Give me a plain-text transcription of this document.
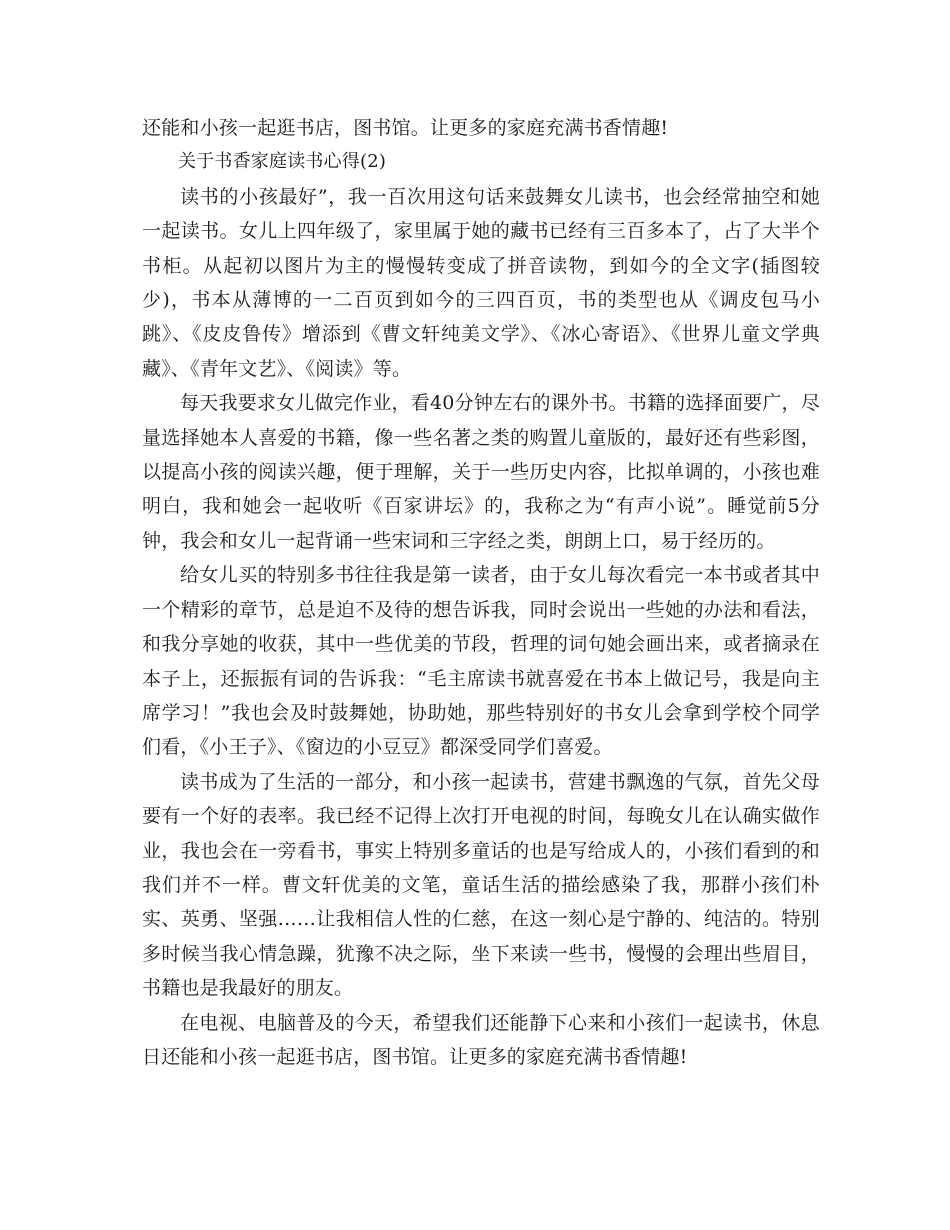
还能和小孩一起逛书店，图书馆。让更多的家庭充满书香情趣!

关于书香家庭读书心得(2)

读书的小孩最好”，我一百次用这句话来鼓舞女儿读书，也会经常抽空和她一起读书。女儿上四年级了，家里属于她的藏书已经有三百多本了，占了大半个书柜。从起初以图片为主的慢慢转变成了拼音读物，到如今的全文字(插图较少)，书本从薄博的一二百页到如今的三四百页，书的类型也从《调皮包马小跳》、《皮皮鲁传》增添到《曹文轩纯美文学》、《冰心寄语》、《世界儿童文学典藏》、《青年文艺》、《阅读》等。

每天我要求女儿做完作业，看40分钟左右的课外书。书籍的选择面要广，尽量选择她本人喜爱的书籍，像一些名著之类的购置儿童版的，最好还有些彩图，以提高小孩的阅读兴趣，便于理解，关于一些历史内容，比拟单调的，小孩也难明白，我和她会一起收听《百家讲坛》的，我称之为“有声小说”。睡觉前5分钟，我会和女儿一起背诵一些宋词和三字经之类，朗朗上口，易于经历的。

给女儿买的特别多书往往我是第一读者，由于女儿每次看完一本书或者其中一个精彩的章节，总是迫不及待的想告诉我，同时会说出一些她的办法和看法，和我分享她的收获，其中一些优美的节段，哲理的词句她会画出来，或者摘录在本子上，还振振有词的告诉我：“毛主席读书就喜爱在书本上做记号，我是向主席学习！”我也会及时鼓舞她，协助她，那些特别好的书女儿会拿到学校个同学们看，《小王子》、《窗边的小豆豆》都深受同学们喜爱。

读书成为了生活的一部分，和小孩一起读书，营建书飘逸的气氛，首先父母要有一个好的表率。我已经不记得上次打开电视的时间，每晚女儿在认确实做作业，我也会在一旁看书，事实上特别多童话的也是写给成人的，小孩们看到的和我们并不一样。曹文轩优美的文笔，童话生活的描绘感染了我，那群小孩们朴实、英勇、坚强……让我相信人性的仁慈，在这一刻心是宁静的、纯洁的。特别多时候当我心情急躁，犹豫不决之际，坐下来读一些书，慢慢的会理出些眉目，书籍也是我最好的朋友。

在电视、电脑普及的今天，希望我们还能静下心来和小孩们一起读书，休息日还能和小孩一起逛书店，图书馆。让更多的家庭充满书香情趣!
